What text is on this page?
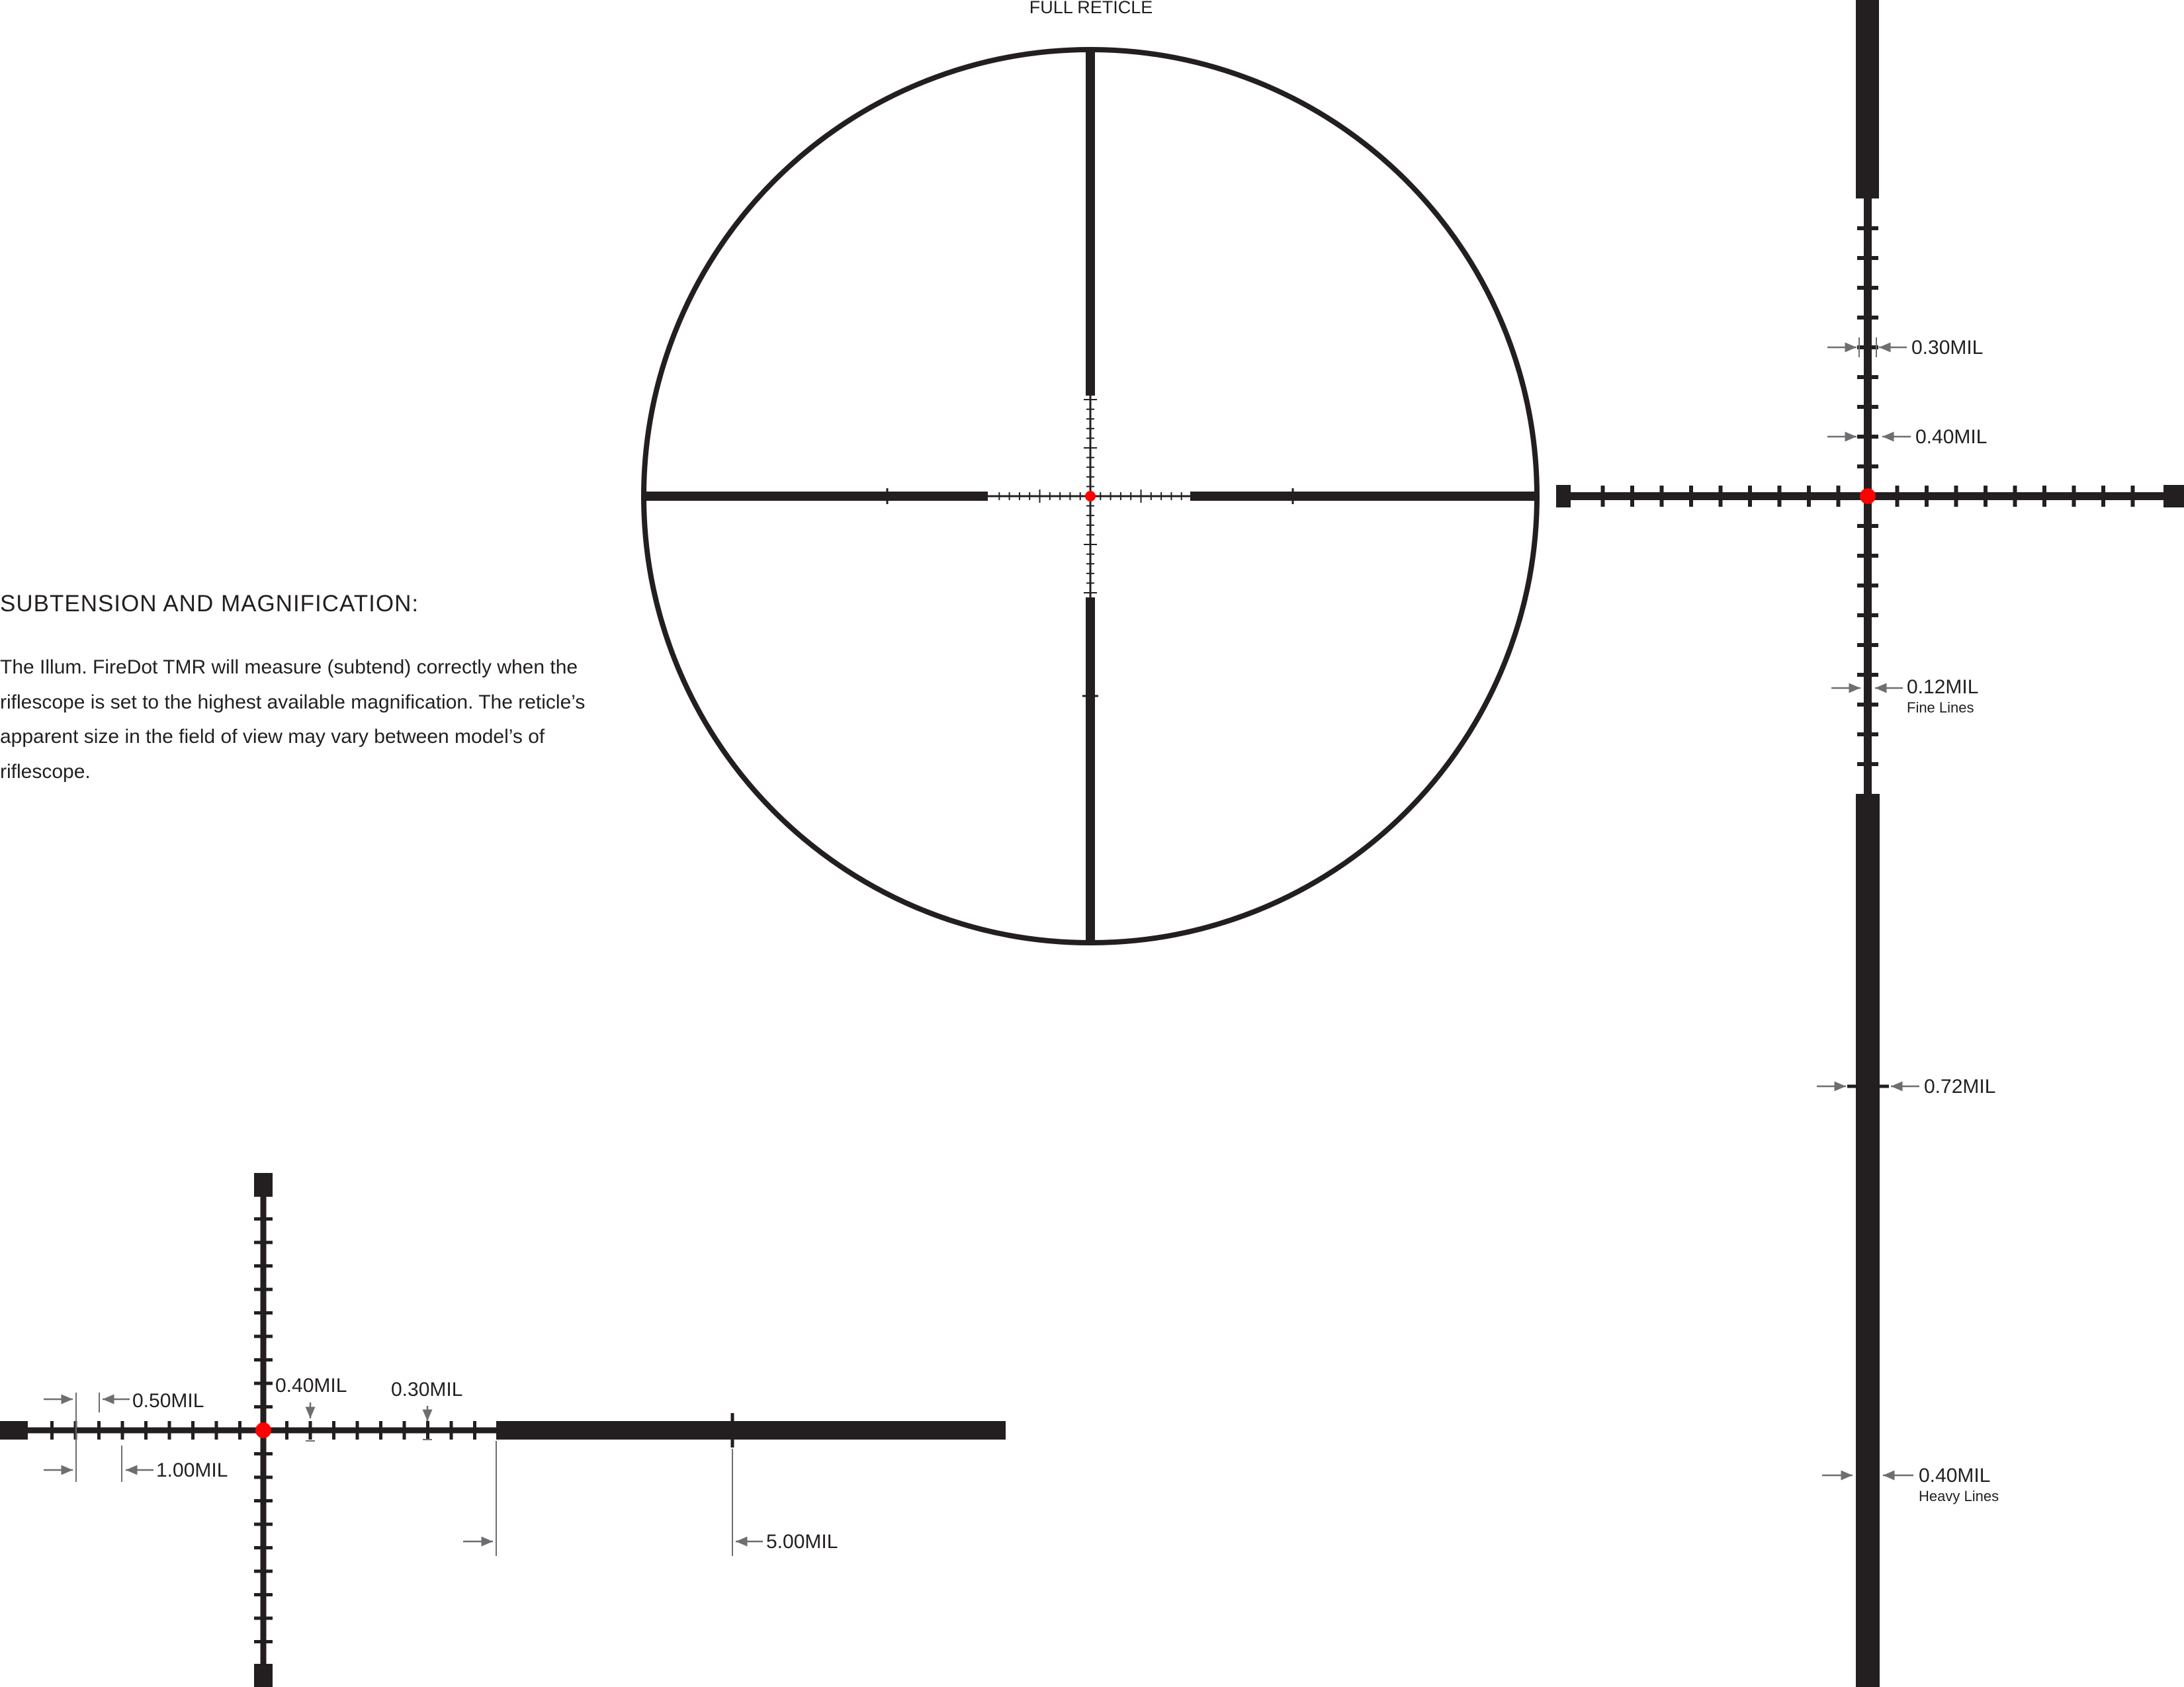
FULL RETICLE
0.30MIL
0.40MIL
0.12MIL
Fine Lines
0.72MIL
0.40MIL
Heavy Lines
0.50MIL
1.00MIL
0.40MIL 0.30MIL
5.00MIL
SUBTENSION AND MAGNIFICATION:

The Illum. FireDot TMR will measure (subtend) correctly when the riflescope is set to the highest available magnification. The reticle’s apparent size in the field of view may vary between model’s of riflescope.
